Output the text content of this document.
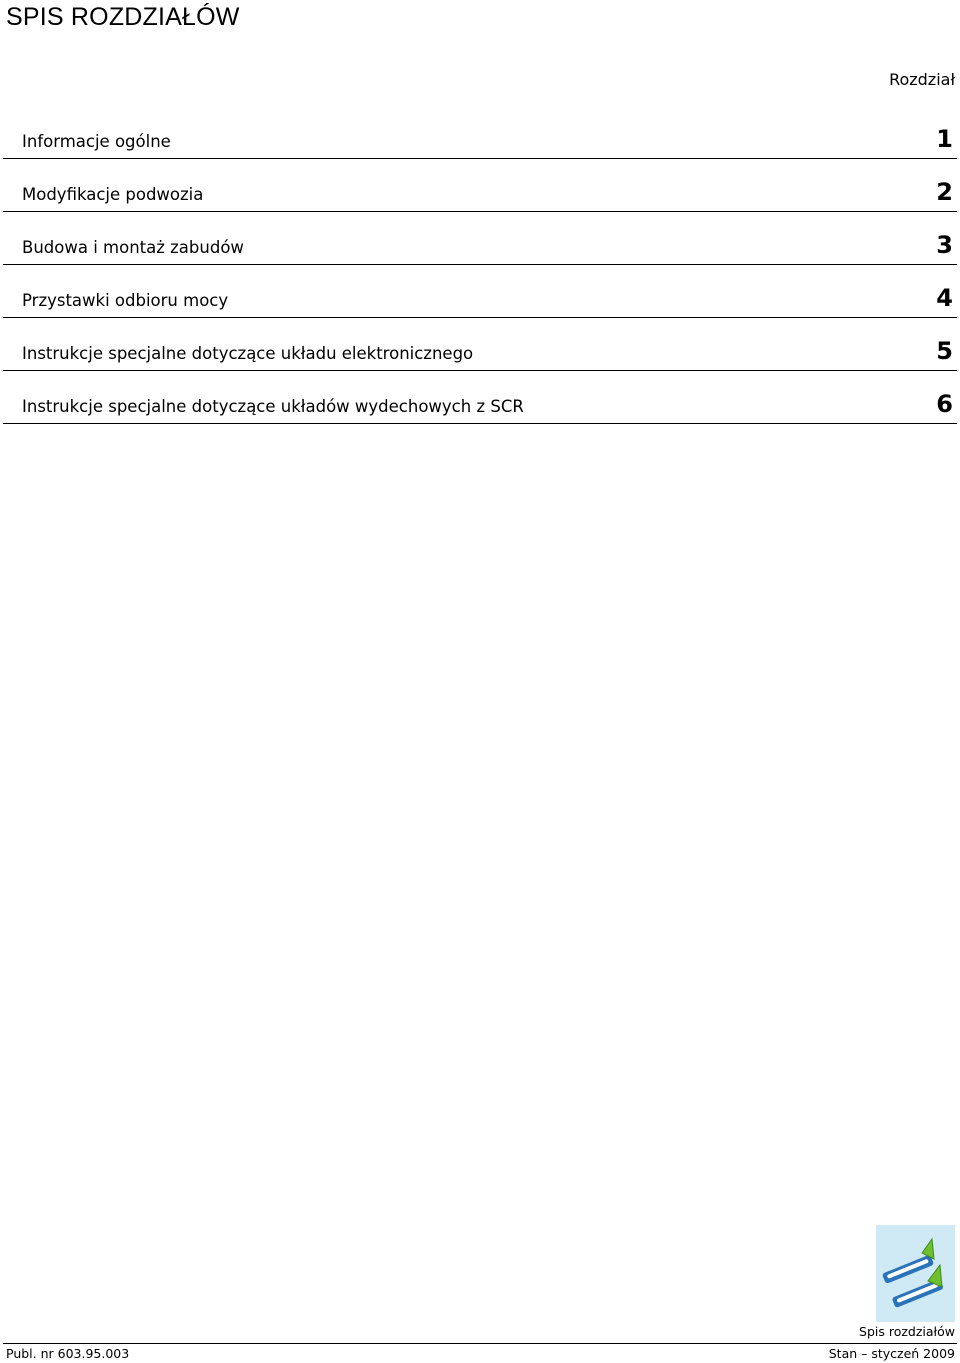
SPIS ROZDZIAŁÓW
Rozdział
Informacje ogólne	1
Modyfikacje podwozia	2
Budowa i montaż zabudów	3
Przystawki odbioru mocy	4
Instrukcje specjalne dotyczące układu elektronicznego	5
Instrukcje specjalne dotyczące układów wydechowych z SCR	6
Spis rozdziałów
Publ. nr 603.95.003	Stan – styczeń 2009
